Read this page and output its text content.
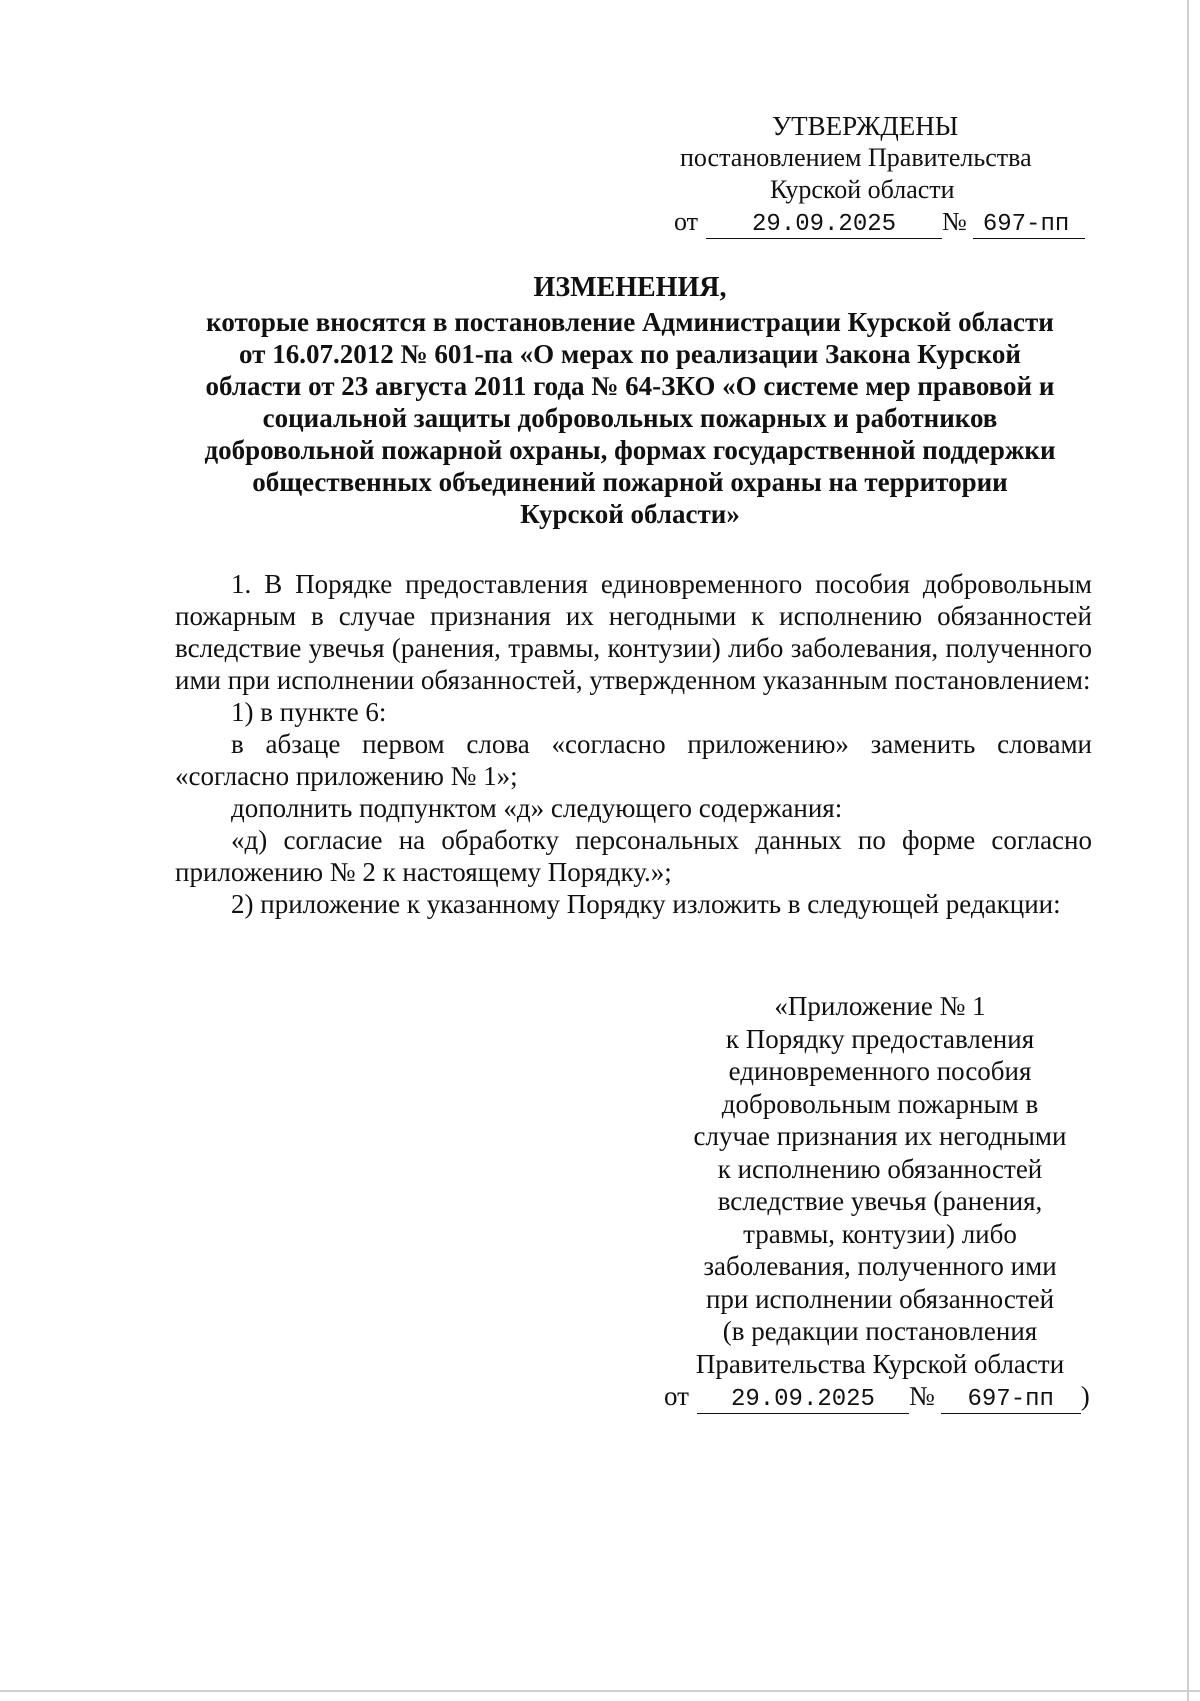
УТВЕРЖДЕНЫ
постановлением Правительства
Курской области
от 29.09.2025 № 697-пп
ИЗМЕНЕНИЯ,
которые вносятся в постановление Администрации Курской области
от 16.07.2012 № 601-па «О мерах по реализации Закона Курской
области от 23 августа 2011 года № 64-ЗКО «О системе мер правовой и
социальной защиты добровольных пожарных и работников
добровольной пожарной охраны, формах государственной поддержки
общественных объединений пожарной охраны на территории
Курской области»

1. В Порядке предоставления единовременного пособия добровольным пожарным в случае признания их негодными к исполнению обязанностей вследствие увечья (ранения, травмы, контузии) либо заболевания, полученного ими при исполнении обязанностей, утвержденном указанным постановлением:

1) в пункте 6:

в абзаце первом слова «согласно приложению» заменить словами «согласно приложению № 1»;

дополнить подпунктом «д» следующего содержания:

«д) согласие на обработку персональных данных по форме согласно приложению № 2 к настоящему Порядку.»;

2) приложение к указанному Порядку изложить в следующей редакции:

«Приложение № 1
к Порядку предоставления
единовременного пособия
добровольным пожарным в
случае признания их негодными
к исполнению обязанностей
вследствие увечья (ранения,
травмы, контузии) либо
заболевания, полученного ими
при исполнении обязанностей
(в редакции постановления
Правительства Курской области
от 29.09.2025 № 697-пп )
